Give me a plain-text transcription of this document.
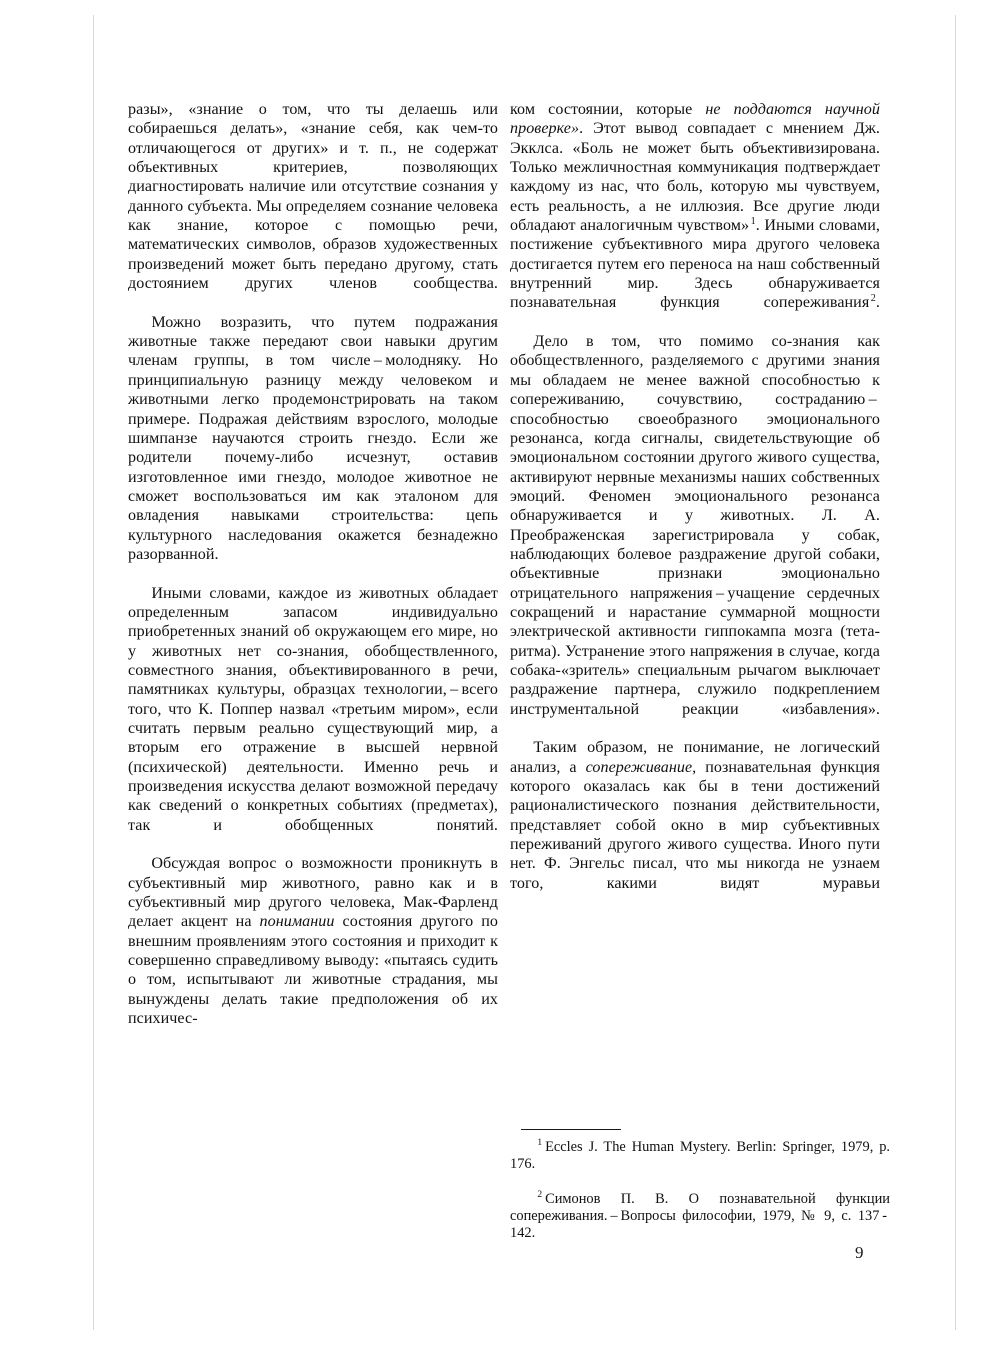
разы», «знание о том, что ты делаешь или собираешься делать», «знание себя, как чем-то отличающегося от других» и т. п., не содержат объективных критериев, позволяющих диагностировать наличие или отсутствие сознания у данного субъекта. Мы определяем сознание человека как знание, которое с помощью речи, математических символов, образов художественных произведений может быть передано другому, стать достоянием других членов сообщества.

Можно возразить, что путем подражания животные также передают свои навыки другим членам группы, в том числе – молодняку. Но принципиальную разницу между человеком и животными легко продемонстрировать на таком примере. Подражая действиям взрослого, молодые шимпанзе научаются строить гнездо. Если же родители почему-либо исчезнут, оставив изготовленное ими гнездо, молодое животное не сможет воспользоваться им как эталоном для овладения навыками строительства: цепь культурного наследования окажется безнадежно разорванной.

Иными словами, каждое из животных обладает определенным запасом индивидуально приобретенных знаний об окружающем его мире, но у животных нет со-знания, обобществленного, совместного знания, объективированного в речи, памятниках культуры, образцах технологии, – всего того, что К. Поппер назвал «третьим миром», если считать первым реально существующий мир, а вторым его отражение в высшей нервной (психической) деятельности. Именно речь и произведения искусства делают возможной передачу как сведений о конкретных событиях (предметах), так и обобщенных понятий.

Обсуждая вопрос о возможности проникнуть в субъективный мир животного, равно как и в субъективный мир другого человека, Мак-Фарленд делает акцент на понимании состояния другого по внешним проявлениям этого состояния и приходит к совершенно справедливому выводу: «пытаясь судить о том, испытывают ли животные страдания, мы вынуждены делать такие предположения об их психичес-

ком состоянии, которые не поддаются научной проверке». Этот вывод совпадает с мнением Дж. Экклса. «Боль не может быть объективизирована. Только межличностная коммуникация подтверждает каждому из нас, что боль, которую мы чувствуем, есть реальность, а не иллюзия. Все другие люди обладают аналогичным чувством» $^1$. Иными словами, постижение субъективного мира другого человека достигается путем его переноса на наш собственный внутренний мир. Здесь обнаруживается познавательная функция сопереживания $^2$.

Дело в том, что помимо со-знания как обобществленного, разделяемого с другими знания мы обладаем не менее важной способностью к сопереживанию, сочувствию, состраданию – способностью своеобразного эмоционального резонанса, когда сигналы, свидетельствующие об эмоциональном состоянии другого живого существа, активируют нервные механизмы наших собственных эмоций. Феномен эмоционального резонанса обнаруживается и у животных. Л. А. Преображенская зарегистрировала у собак, наблюдающих болевое раздражение другой собаки, объективные признаки эмоционально отрицательного напряжения – учащение сердечных сокращений и нарастание суммарной мощности электрической активности гиппокампа мозга (тета-ритма). Устранение этого напряжения в случае, когда собака-«зритель» специальным рычагом выключает раздражение партнера, служило подкреплением инструментальной реакции «избавления».

Таким образом, не понимание, не логический анализ, а сопереживание, познавательная функция которого оказалась как бы в тени достижений рационалистического познания действительности, представляет собой окно в мир субъективных переживаний другого живого существа. Иного пути нет. Ф. Энгельс писал, что мы никогда не узнаем того, какими видят муравьи

$^1$ Eccles J. The Human Mystery. Berlin: Springer, 1979, p. 176.

$^2$ Симонов П. В. О познавательной функции сопереживания. – Вопросы философии, 1979, № 9, с. 137 - 142.

9
